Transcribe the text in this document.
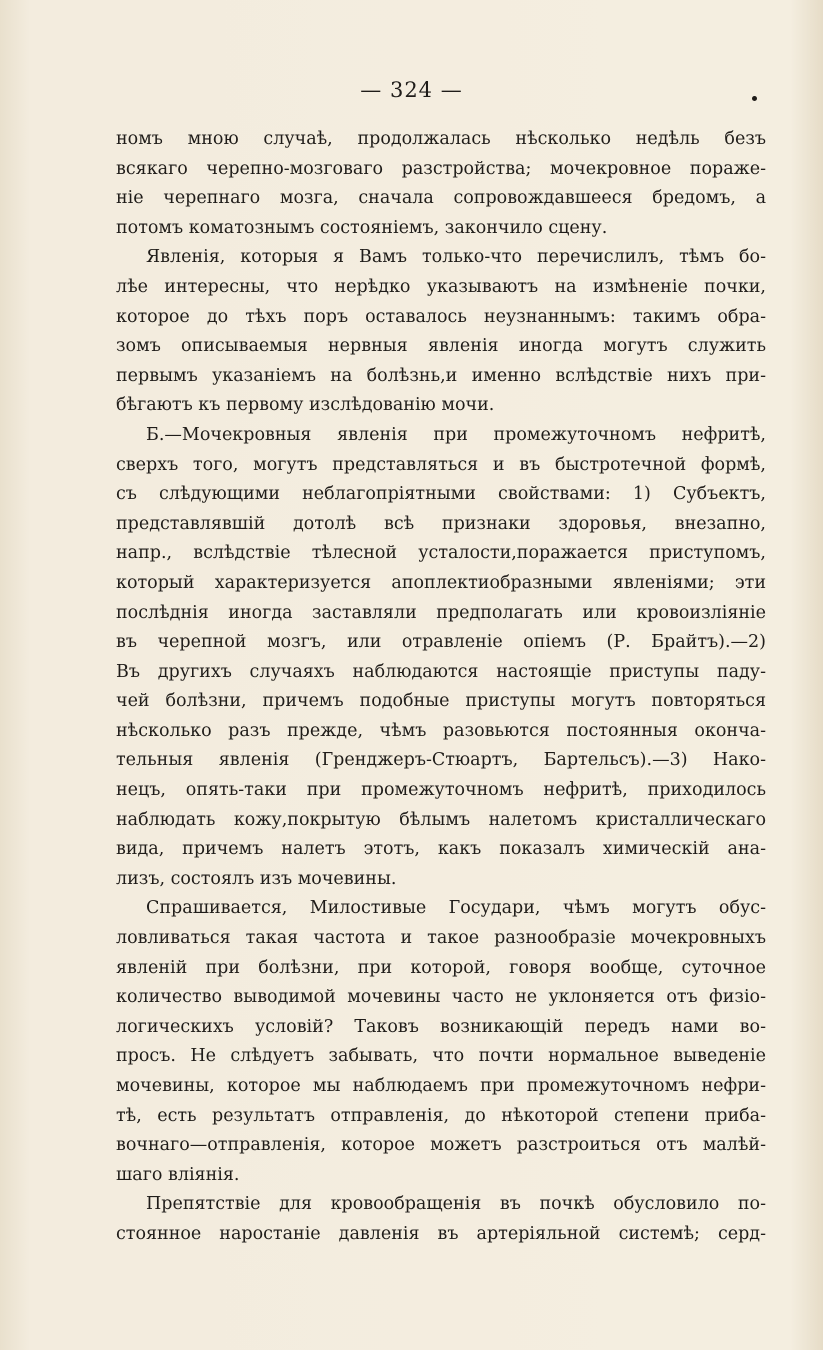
— 324 —
номъ мною случаѣ, продолжалась нѣсколько недѣль безъ
всякаго черепно-мозговаго разстройства; мочекровное пораже-
ніе черепнаго мозга, сначала сопровождавшееся бредомъ, а
потомъ коматознымъ состояніемъ, закончило сцену.
Явленія, которыя я Вамъ только-что перечислилъ, тѣмъ бо-
лѣе интересны, что нерѣдко указываютъ на измѣненіе почки,
которое до тѣхъ поръ оставалось неузнаннымъ: такимъ обра-
зомъ описываемыя нервныя явленія иногда могутъ служить
первымъ указаніемъ на болѣзнь,и именно вслѣдствіе нихъ при-
бѣгаютъ къ первому изслѣдованію мочи.
Б.—Мочекровныя явленія при промежуточномъ нефритѣ,
сверхъ того, могутъ представляться и въ быстротечной формѣ,
съ слѣдующими неблагопріятными свойствами: 1) Субъектъ,
представлявшій дотолѣ всѣ признаки здоровья, внезапно,
напр., вслѣдствіе тѣлесной усталости,поражается приступомъ,
который характеризуется апоплектиобразными явленіями; эти
послѣднія иногда заставляли предполагать или кровоизліяніе
въ черепной мозгъ, или отравленіе опіемъ (Р. Брайтъ).—2)
Въ другихъ случаяхъ наблюдаются настоящіе приступы паду-
чей болѣзни, причемъ подобные приступы могутъ повторяться
нѣсколько разъ прежде, чѣмъ разовьются постоянныя оконча-
тельныя явленія (Гренджеръ-Стюартъ, Бартельсъ).—3) Нако-
нецъ, опять-таки при промежуточномъ нефритѣ, приходилось
наблюдать кожу,покрытую бѣлымъ налетомъ кристаллическаго
вида, причемъ налетъ этотъ, какъ показалъ химическій ана-
лизъ, состоялъ изъ мочевины.
Спрашивается, Милостивые Государи, чѣмъ могутъ обус-
ловливаться такая частота и такое разнообразіе мочекровныхъ
явленій при болѣзни, при которой, говоря вообще, суточное
количество выводимой мочевины часто не уклоняется отъ физіо-
логическихъ условій? Таковъ возникающій передъ нами во-
просъ. Не слѣдуетъ забывать, что почти нормальное выведеніе
мочевины, которое мы наблюдаемъ при промежуточномъ нефри-
тѣ, есть результатъ отправленія, до нѣкоторой степени приба-
вочнаго—отправленія, которое можетъ разстроиться отъ малѣй-
шаго вліянія.
Препятствіе для кровообращенія въ почкѣ обусловило по-
стоянное наростаніе давленія въ артеріяльной системѣ; серд-
